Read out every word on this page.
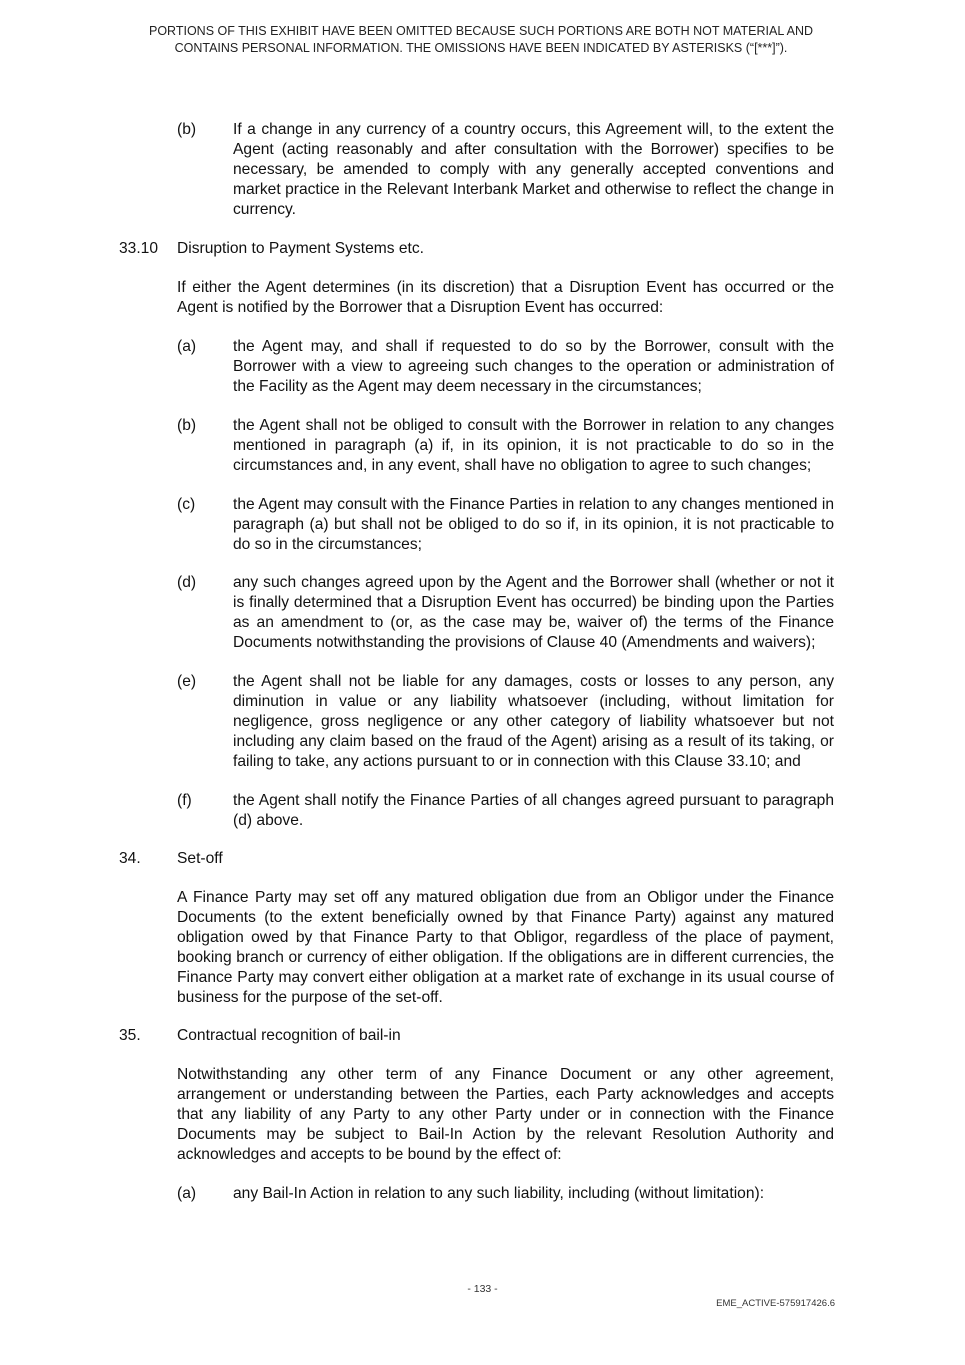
PORTIONS OF THIS EXHIBIT HAVE BEEN OMITTED BECAUSE SUCH PORTIONS ARE BOTH NOT MATERIAL AND
CONTAINS PERSONAL INFORMATION. THE OMISSIONS HAVE BEEN INDICATED BY ASTERISKS (“[***]”).
(b) If a change in any currency of a country occurs, this Agreement will, to the extent the Agent (acting reasonably and after consultation with the Borrower) specifies to be necessary, be amended to comply with any generally accepted conventions and market practice in the Relevant Interbank Market and otherwise to reflect the change in currency.
33.10 Disruption to Payment Systems etc.
If either the Agent determines (in its discretion) that a Disruption Event has occurred or the Agent is notified by the Borrower that a Disruption Event has occurred:
(a) the Agent may, and shall if requested to do so by the Borrower, consult with the Borrower with a view to agreeing such changes to the operation or administration of the Facility as the Agent may deem necessary in the circumstances;
(b) the Agent shall not be obliged to consult with the Borrower in relation to any changes mentioned in paragraph (a) if, in its opinion, it is not practicable to do so in the circumstances and, in any event, shall have no obligation to agree to such changes;
(c) the Agent may consult with the Finance Parties in relation to any changes mentioned in paragraph (a) but shall not be obliged to do so if, in its opinion, it is not practicable to do so in the circumstances;
(d) any such changes agreed upon by the Agent and the Borrower shall (whether or not it is finally determined that a Disruption Event has occurred) be binding upon the Parties as an amendment to (or, as the case may be, waiver of) the terms of the Finance Documents notwithstanding the provisions of Clause 40 (Amendments and waivers);
(e) the Agent shall not be liable for any damages, costs or losses to any person, any diminution in value or any liability whatsoever (including, without limitation for negligence, gross negligence or any other category of liability whatsoever but not including any claim based on the fraud of the Agent) arising as a result of its taking, or failing to take, any actions pursuant to or in connection with this Clause 33.10; and
(f)	the Agent shall notify the Finance Parties of all changes agreed pursuant to paragraph (d) above.
34. Set-off
A Finance Party may set off any matured obligation due from an Obligor under the Finance Documents (to the extent beneficially owned by that Finance Party) against any matured obligation owed by that Finance Party to that Obligor, regardless of the place of payment, booking branch or currency of either obligation. If the obligations are in different currencies, the Finance Party may convert either obligation at a market rate of exchange in its usual course of business for the purpose of the set-off.
35. Contractual recognition of bail-in
Notwithstanding any other term of any Finance Document or any other agreement, arrangement or understanding between the Parties, each Party acknowledges and accepts that any liability of any Party to any other Party under or in connection with the Finance Documents may be subject to Bail-In Action by the relevant Resolution Authority and acknowledges and accepts to be bound by the effect of:
(a) any Bail-In Action in relation to any such liability, including (without limitation):
- 133 -
EME_ACTIVE-575917426.6
